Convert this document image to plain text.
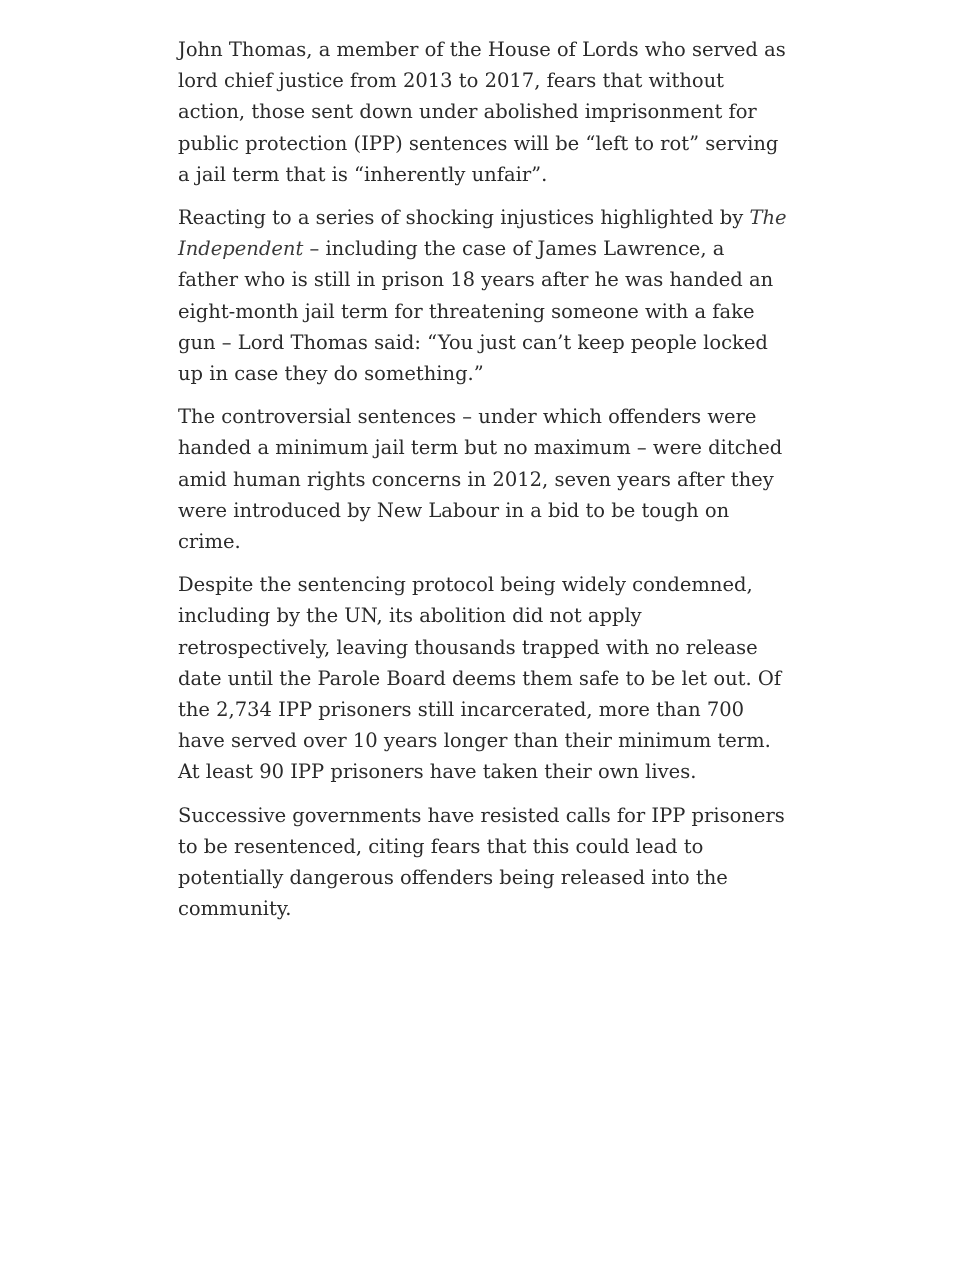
John Thomas, a member of the House of Lords who served as lord chief justice from 2013 to 2017, fears that without action, those sent down under abolished imprisonment for public protection (IPP) sentences will be “left to rot” serving a jail term that is “inherently unfair”.

Reacting to a series of shocking injustices highlighted by The Independent – including the case of James Lawrence, a father who is still in prison 18 years after he was handed an eight-month jail term for threatening someone with a fake gun – Lord Thomas said: “You just can’t keep people locked up in case they do something.”

The controversial sentences – under which offenders were handed a minimum jail term but no maximum – were ditched amid human rights concerns in 2012, seven years after they were introduced by New Labour in a bid to be tough on crime.

Despite the sentencing protocol being widely condemned, including by the UN, its abolition did not apply retrospectively, leaving thousands trapped with no release date until the Parole Board deems them safe to be let out. Of the 2,734 IPP prisoners still incarcerated, more than 700 have served over 10 years longer than their minimum term. At least 90 IPP prisoners have taken their own lives.

Successive governments have resisted calls for IPP prisoners to be resentenced, citing fears that this could lead to potentially dangerous offenders being released into the community.
